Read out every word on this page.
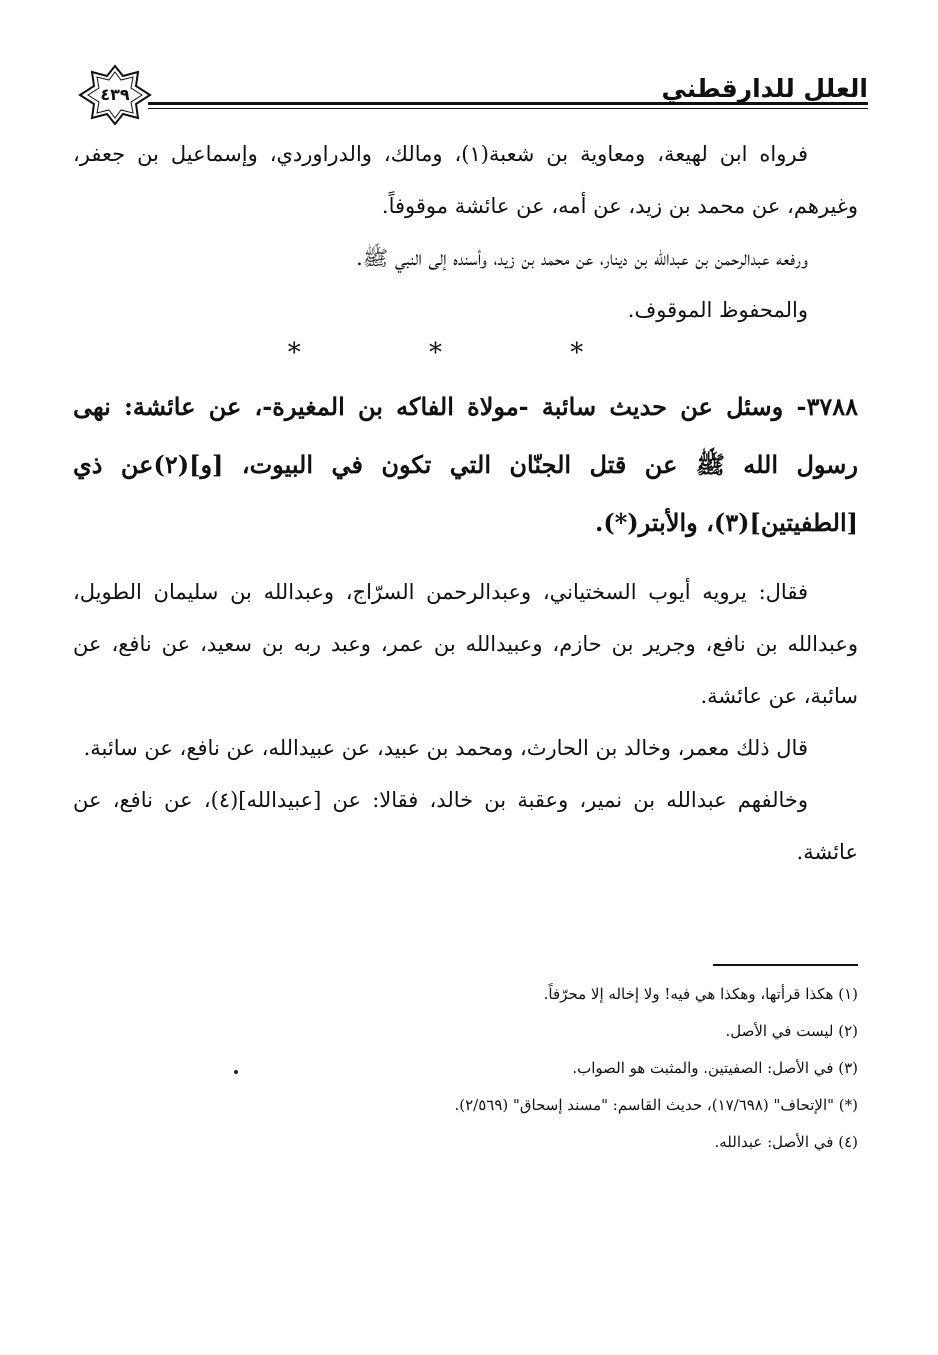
العلل للدارقطني
٤٣٩

فرواه ابن لهيعة، ومعاوية بن شعبة(١)، ومالك، والدراوردي، وإسماعيل بن جعفر، وغيرهم، عن محمد بن زيد، عن أمه، عن عائشة موقوفاً.

ورفعه عبدالرحمن بن عبدالله بن دينار، عن محمد بن زيد، وأسنده إلى النبي ﷺ.

والمحفوظ الموقوف.

* * *

٣٧٨٨- وسئل عن حديث سائبة -مولاة الفاكه بن المغيرة-، عن عائشة: نهى رسول الله ﷺ عن قتل الجنّان التي تكون في البيوت، [و](٢)عن ذي [الطفيتين](٣)، والأبتر(*).

فقال: يرويه أيوب السختياني، وعبدالرحمن السرّاج، وعبدالله بن سليمان الطويل، وعبدالله بن نافع، وجرير بن حازم، وعبيدالله بن عمر، وعبد ربه بن سعيد، عن نافع، عن سائبة، عن عائشة.

قال ذلك معمر، وخالد بن الحارث، ومحمد بن عبيد، عن عبيدالله، عن نافع، عن سائبة.

وخالفهم عبدالله بن نمير، وعقبة بن خالد، فقالا: عن [عبيدالله](٤)، عن نافع، عن عائشة.

(١) هكذا قرأتها، وهكذا هي فيه! ولا إخاله إلا محرّفاً.

(٢) ليست في الأصل.

(٣) في الأصل: الصفيتين. والمثبت هو الصواب.

(*) "الإتحاف" (١٧/٦٩٨)، حديث القاسم: "مسند إسحاق" (٢/٥٦٩).

(٤) في الأصل: عبدالله.
